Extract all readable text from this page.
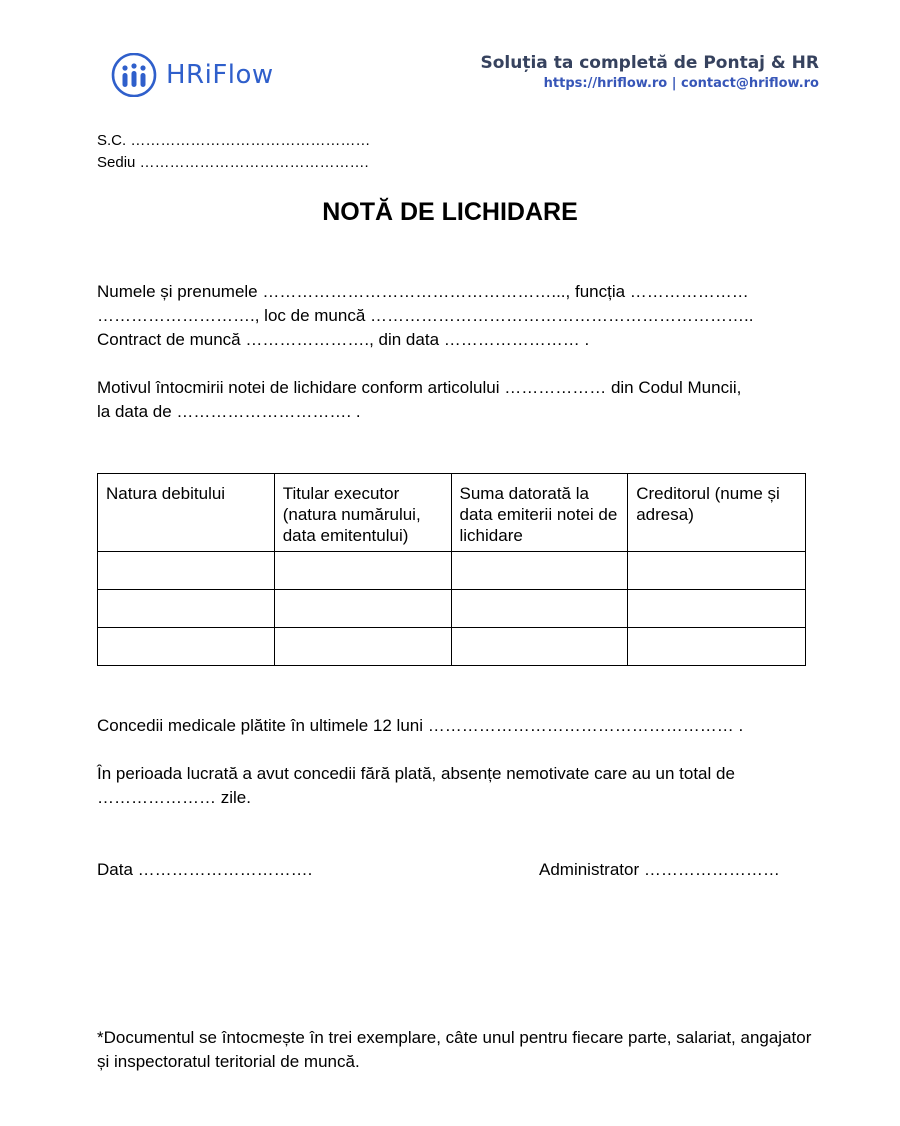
HRiFlow	Soluția ta completă de Pontaj & HR
https://hriflow.ro | contact@hriflow.ro
S.C. …………………………………………
Sediu ……………………………………….
NOTĂ DE LICHIDARE
Numele și prenumele ……………………………………………..., funcția …………………
………………………., loc de muncă …………………………………………………………..
Contract de muncă …………………., din data …………………… .
Motivul întocmirii notei de lichidare conform articolului ……………… din Codul Muncii,
la data de …………………………. .
Natura debitului	Titular executor (natura numărului, data emitentului)	Suma datorată la data emiterii notei de lichidare	Creditorul (nume și adresa)

Concedii medicale plătite în ultimele 12 luni ……………………………………………… .
În perioada lucrată a avut concedii fără plată, absențe nemotivate care au un total de
………………… zile.
Data ………………………….	Administrator ……………………
*Documentul se întocmește în trei exemplare, câte unul pentru fiecare parte, salariat, angajator și inspectoratul teritorial de muncă.
